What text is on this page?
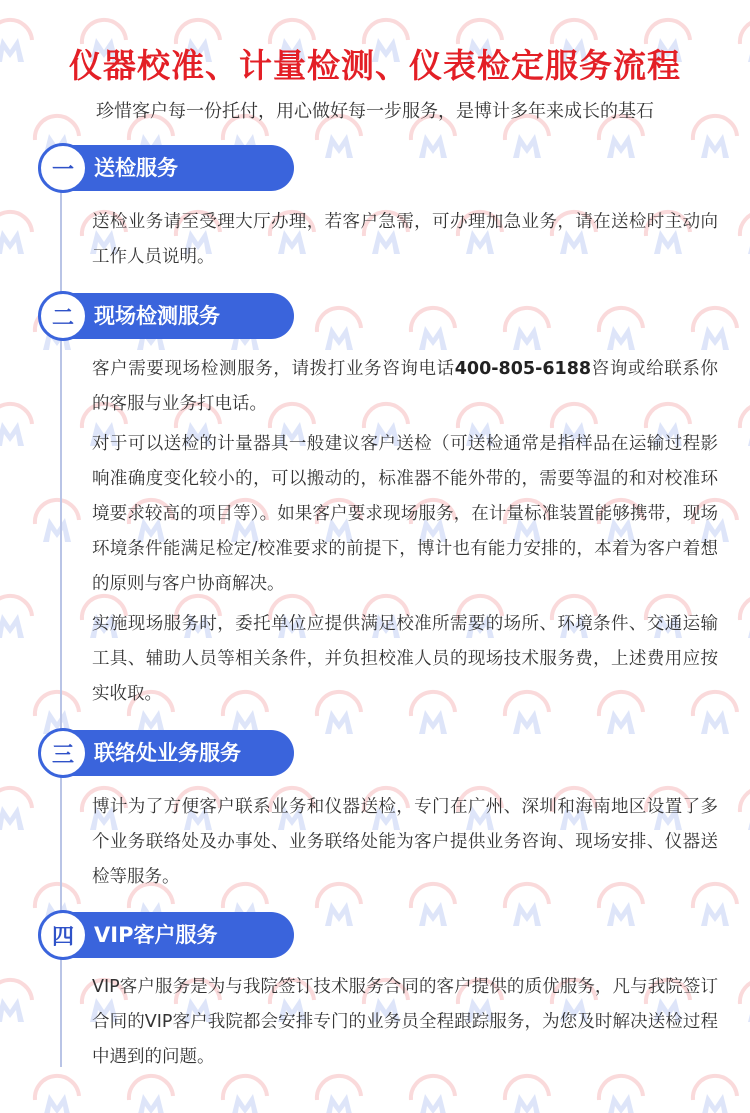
仪器校准、计量检测、仪表检定服务流程
珍惜客户每一份托付，用心做好每一步服务，是博计多年来成长的基石
一 送检服务
送检业务请至受理大厅办理，若客户急需，可办理加急业务，请在送检时主动向工作人员说明。
二 现场检测服务
客户需要现场检测服务，请拨打业务咨询电话400-805-6188咨询或给联系你的客服与业务打电话。
对于可以送检的计量器具一般建议客户送检（可送检通常是指样品在运输过程影响准确度变化较小的，可以搬动的，标准器不能外带的，需要等温的和对校准环境要求较高的项目等）。如果客户要求现场服务，在计量标准装置能够携带，现场环境条件能满足检定/校准要求的前提下，博计也有能力安排的，本着为客户着想的原则与客户协商解决。
实施现场服务时，委托单位应提供满足校准所需要的场所、环境条件、交通运输工具、辅助人员等相关条件，并负担校准人员的现场技术服务费，上述费用应按实收取。
三 联络处业务服务
博计为了方便客户联系业务和仪器送检，专门在广州、深圳和海南地区设置了多个业务联络处及办事处、业务联络处能为客户提供业务咨询、现场安排、仪器送检等服务。
四 VIP客户服务
VIP客户服务是为与我院签订技术服务合同的客户提供的质优服务，凡与我院签订合同的VIP客户我院都会安排专门的业务员全程跟踪服务，为您及时解决送检过程中遇到的问题。
